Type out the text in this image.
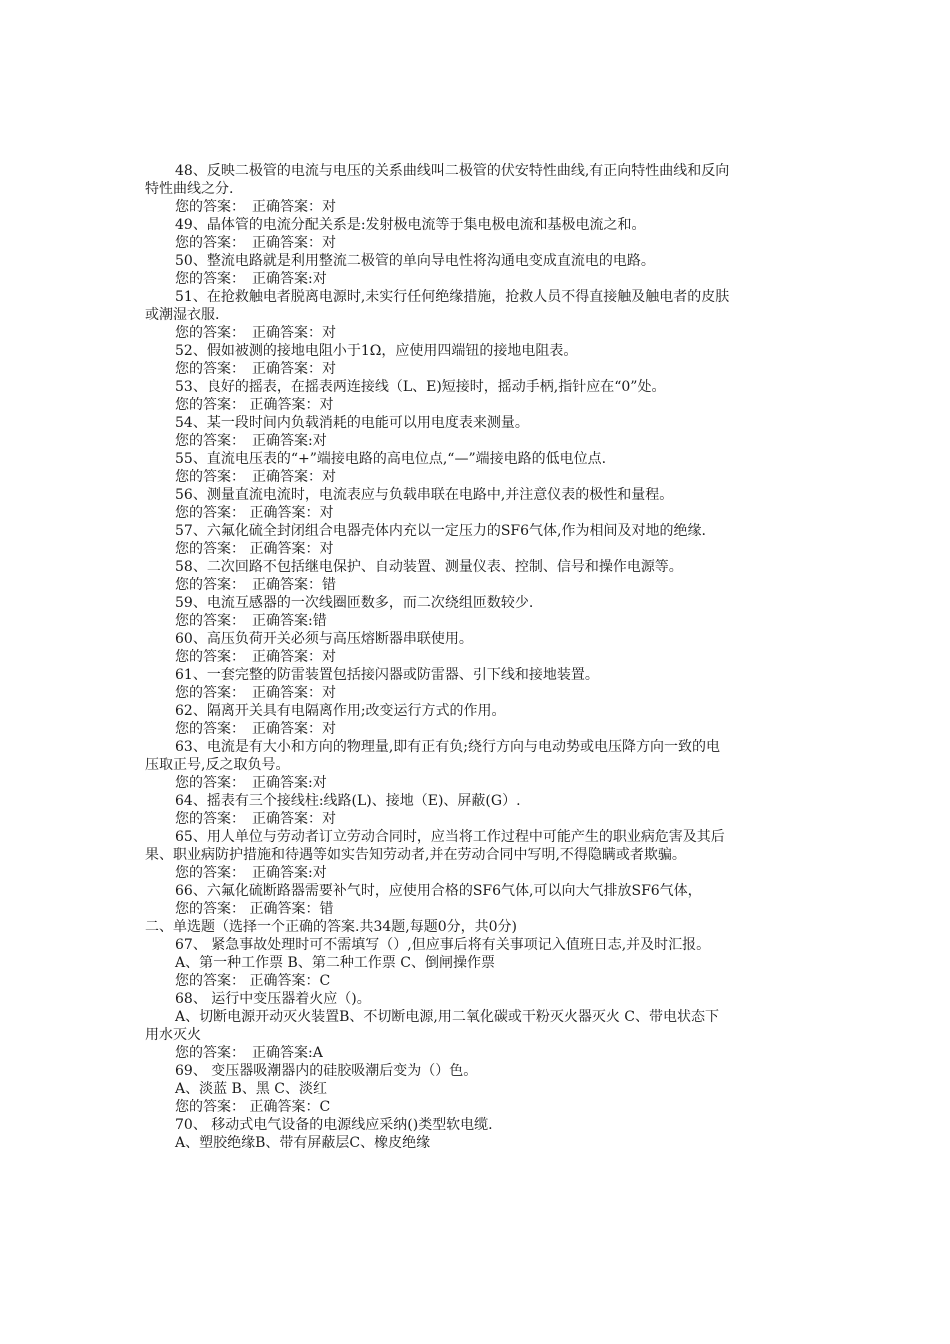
48、反映二极管的电流与电压的关系曲线叫二极管的伏安特性曲线,有正向特性曲线和反向
特性曲线之分.
您的答案：　正确答案：对
49、晶体管的电流分配关系是:发射极电流等于集电极电流和基极电流之和。
您的答案：　正确答案：对
50、整流电路就是利用整流二极管的单向导电性将沟通电变成直流电的电路。
您的答案：　正确答案:对
51、在抢救触电者脱离电源时,未实行任何绝缘措施，抢救人员不得直接触及触电者的皮肤
或潮湿衣服.
您的答案：　正确答案：对
52、假如被测的接地电阻小于1Ω，应使用四端钮的接地电阻表。
您的答案：　正确答案：对
53、良好的摇表，在摇表两连接线（L、E)短接时，摇动手柄,指针应在“0”处。
您的答案： 正确答案：对
54、某一段时间内负载消耗的电能可以用电度表来测量。
您的答案：　正确答案:对
55、直流电压表的“+”端接电路的高电位点,“—”端接电路的低电位点.
您的答案：　正确答案：对
56、测量直流电流时，电流表应与负载串联在电路中,并注意仪表的极性和量程。
您的答案： 正确答案：对
57、六氟化硫全封闭组合电器壳体内充以一定压力的SF6气体,作为相间及对地的绝缘.
您的答案： 正确答案：对
58、二次回路不包括继电保护、自动装置、测量仪表、控制、信号和操作电源等。
您的答案：　正确答案：错
59、电流互感器的一次线圈匝数多，而二次绕组匝数较少.
您的答案：　正确答案:错
60、高压负荷开关必须与高压熔断器串联使用。
您的答案：　正确答案：对
61、一套完整的防雷装置包括接闪器或防雷器、引下线和接地装置。
您的答案：　正确答案：对
62、隔离开关具有电隔离作用;改变运行方式的作用。
您的答案：　正确答案：对
63、电流是有大小和方向的物理量,即有正有负;绕行方向与电动势或电压降方向一致的电
压取正号,反之取负号。
您的答案：　正确答案:对
64、摇表有三个接线柱:线路(L)、接地（E)、屏蔽(G）.
您的答案：　正确答案：对
65、用人单位与劳动者订立劳动合同时，应当将工作过程中可能产生的职业病危害及其后
果、职业病防护措施和待遇等如实告知劳动者,并在劳动合同中写明,不得隐瞒或者欺骗。
您的答案：　正确答案:对
66、六氟化硫断路器需要补气时，应使用合格的SF6气体,可以向大气排放SF6气体，
您的答案： 正确答案：错
二、单选题（选择一个正确的答案.共34题,每题0分，共0分)
67、 紧急事故处理时可不需填写（）,但应事后将有关事项记入值班日志,并及时汇报。
A、第一种工作票 B、第二种工作票 C、倒闸操作票
您的答案： 正确答案：C
68、 运行中变压器着火应（)。
A、切断电源开动灭火装置B、不切断电源,用二氧化碳或干粉灭火器灭火 C、带电状态下
用水灭火
您的答案：　正确答案:A
69、 变压器吸潮器内的硅胶吸潮后变为（）色。
A、淡蓝 B、黑 C、淡红
您的答案： 正确答案：C
70、 移动式电气设备的电源线应采纳()类型软电缆.
A、塑胶绝缘B、带有屏蔽层C、橡皮绝缘
